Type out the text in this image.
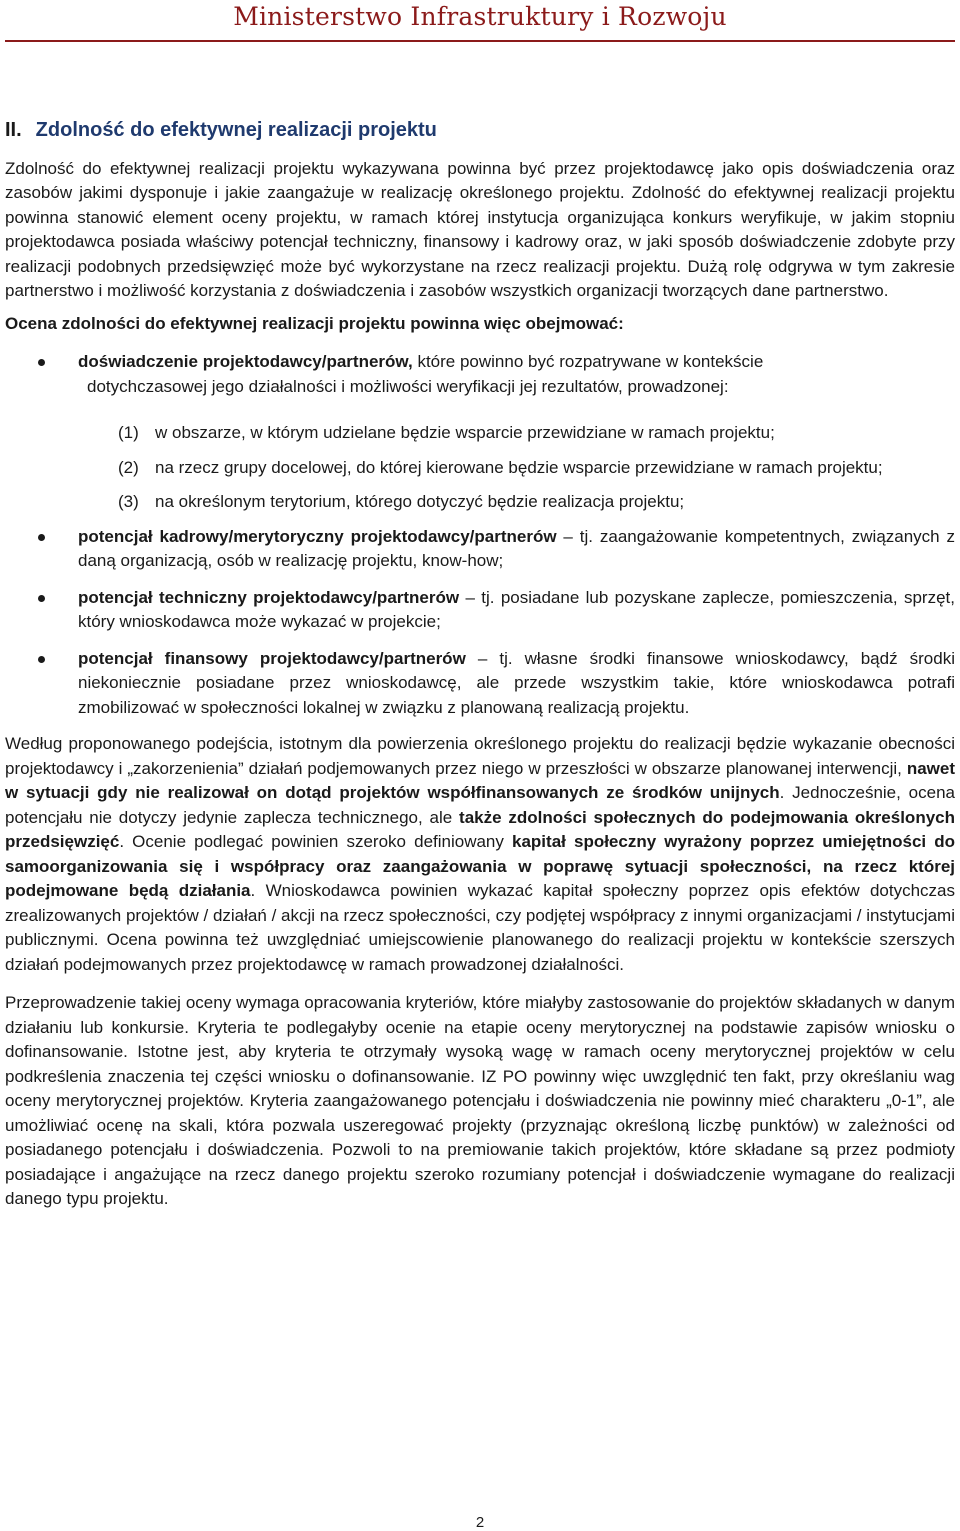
Ministerstwo Infrastruktury i Rozwoju
II. Zdolność do efektywnej realizacji projektu

Zdolność do efektywnej realizacji projektu wykazywana powinna być przez projektodawcę jako opis doświadczenia oraz zasobów jakimi dysponuje i jakie zaangażuje w realizację określonego projektu. Zdolność do efektywnej realizacji projektu powinna stanowić element oceny projektu, w ramach której instytucja organizująca konkurs weryfikuje, w jakim stopniu projektodawca posiada właściwy potencjał techniczny, finansowy i kadrowy oraz, w jaki sposób doświadczenie zdobyte przy realizacji podobnych przedsięwzięć może być wykorzystane na rzecz realizacji projektu. Dużą rolę odgrywa w tym zakresie partnerstwo i możliwość korzystania z doświadczenia i zasobów wszystkich organizacji tworzących dane partnerstwo.

Ocena zdolności do efektywnej realizacji projektu powinna więc obejmować:

doświadczenie projektodawcy/partnerów, które powinno być rozpatrywane w kontekście

dotychczasowej jego działalności i możliwości weryfikacji jej rezultatów, prowadzonej:

(1) w obszarze, w którym udzielane będzie wsparcie przewidziane w ramach projektu;
(2) na rzecz grupy docelowej, do której kierowane będzie wsparcie przewidziane w ramach projektu;
(3) na określonym terytorium, którego dotyczyć będzie realizacja projektu;
potencjał kadrowy/merytoryczny projektodawcy/partnerów – tj. zaangażowanie kompetentnych, związanych z daną organizacją, osób w realizację projektu, know-how;
potencjał techniczny projektodawcy/partnerów – tj. posiadane lub pozyskane zaplecze, pomieszczenia, sprzęt, który wnioskodawca może wykazać w projekcie;
potencjał finansowy projektodawcy/partnerów – tj. własne środki finansowe wnioskodawcy, bądź środki niekoniecznie posiadane przez wnioskodawcę, ale przede wszystkim takie, które wnioskodawca potrafi zmobilizować w społeczności lokalnej w związku z planowaną realizacją projektu.

Według proponowanego podejścia, istotnym dla powierzenia określonego projektu do realizacji będzie wykazanie obecności projektodawcy i „zakorzenienia” działań podjemowanych przez niego w przeszłości w obszarze planowanej interwencji, nawet w sytuacji gdy nie realizował on dotąd projektów współfinansowanych ze środków unijnych. Jednocześnie, ocena potencjału nie dotyczy jedynie zaplecza technicznego, ale także zdolności społecznych do podejmowania określonych przedsięwzięć. Ocenie podlegać powinien szeroko definiowany kapitał społeczny wyrażony poprzez umiejętności do samoorganizowania się i współpracy oraz zaangażowania w poprawę sytuacji społeczności, na rzecz której podejmowane będą działania. Wnioskodawca powinien wykazać kapitał społeczny poprzez opis efektów dotychczas zrealizowanych projektów / działań / akcji na rzecz społeczności, czy podjętej współpracy z innymi organizacjami / instytucjami publicznymi. Ocena powinna też uwzględniać umiejscowienie planowanego do realizacji projektu w kontekście szerszych działań podejmowanych przez projektodawcę w ramach prowadzonej działalności.

Przeprowadzenie takiej oceny wymaga opracowania kryteriów, które miałyby zastosowanie do projektów składanych w danym działaniu lub konkursie. Kryteria te podlegałyby ocenie na etapie oceny merytorycznej na podstawie zapisów wniosku o dofinansowanie. Istotne jest, aby kryteria te otrzymały wysoką wagę w ramach oceny merytorycznej projektów w celu podkreślenia znaczenia tej części wniosku o dofinansowanie. IZ PO powinny więc uwzględnić ten fakt, przy określaniu wag oceny merytorycznej projektów. Kryteria zaangażowanego potencjału i doświadczenia nie powinny mieć charakteru „0-1”, ale umożliwiać ocenę na skali, która pozwala uszeregować projekty (przyznając określoną liczbę punktów) w zależności od posiadanego potencjału i doświadczenia. Pozwoli to na premiowanie takich projektów, które składane są przez podmioty posiadające i angażujące na rzecz danego projektu szeroko rozumiany potencjał i doświadczenie wymagane do realizacji danego typu projektu.

2
